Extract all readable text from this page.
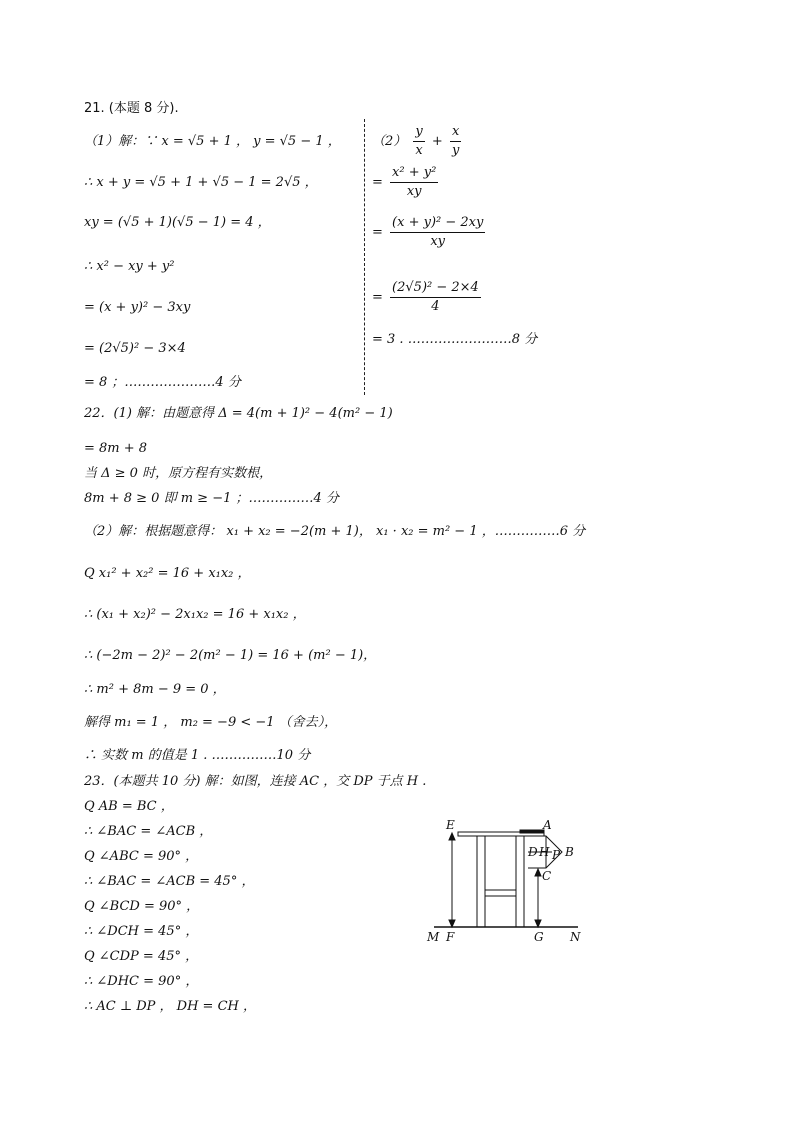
21. (本题 8 分).
（1）解：∵ x = √5 + 1 ， y = √5 − 1 ，
∴ x + y = √5 + 1 + √5 − 1 = 2√5 ，
xy = (√5 + 1)(√5 − 1) = 4 ，
∴ x² − xy + y²
= (x + y)² − 3xy
= (2√5)² − 3×4
= 8 ；…………………4 分
$(2) \frac{y}{x} + \frac{x}{y}$
= $\frac{\text{x² + y²}}{xy}$
= $\frac{\text{(x + y)² − 2xy}}{xy}$
= $\frac{\text{(2√5)² − 2×4}}{4}$
= 3 . ……………………8 分
22．(1) 解：由题意得 Δ = 4(m + 1)² − 4(m² − 1)
= 8m + 8
当 Δ ≥ 0 时，原方程有实数根，
8m + 8 ≥ 0 即 m ≥ −1 ；……………4 分
（2）解：根据题意得： x₁ + x₂ = −2(m + 1)， x₁ · x₂ = m² − 1 ，……………6 分
Q x₁² + x₂² = 16 + x₁x₂ ，
∴ (x₁ + x₂)² − 2x₁x₂ = 16 + x₁x₂ ，
∴ (−2m − 2)² − 2(m² − 1) = 16 + (m² − 1)，
∴ m² + 8m − 9 = 0 ，
解得 m₁ = 1 ， m₂ = −9 < −1 （舍去），
∴ 实数 m 的值是 1 . ……………10 分
23．(本题共 10 分) 解：如图，连接 AC ，交 DP 于点 H .
Q AB = BC ，
∴ ∠BAC = ∠ACB ，
Q ∠ABC = 90° ，
∴ ∠BAC = ∠ACB = 45° ，
Q ∠BCD = 90° ，
∴ ∠DCH = 45° ，
Q ∠CDP = 45° ，
∴ ∠DHC = 90° ，
∴ AC ⊥ DP ， DH = CH ，
E	A
D H P B
C
M F	G N
